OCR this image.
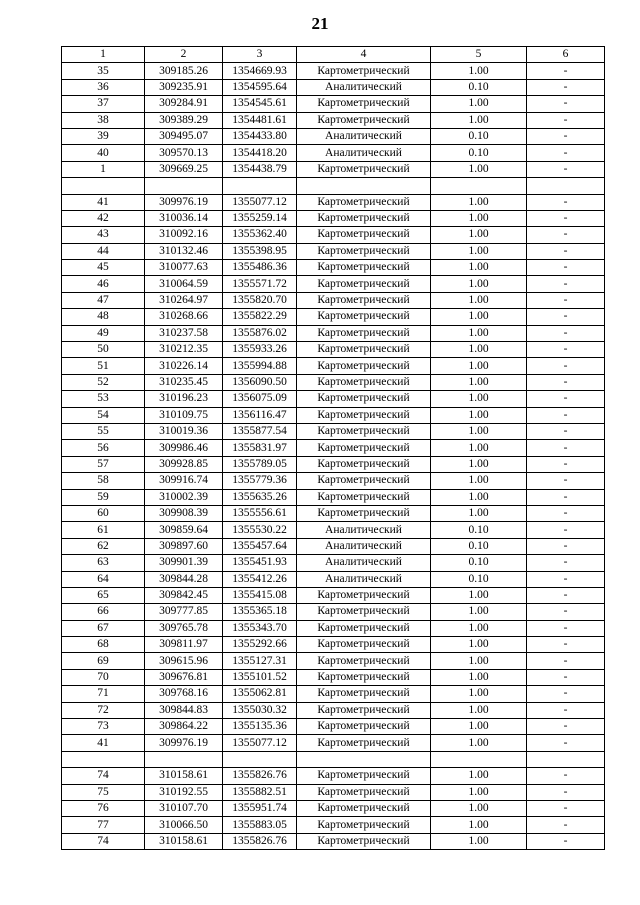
21
1	2	3	4	5	6
35	309185.26	1354669.93	Картометрический	1.00	-
36	309235.91	1354595.64	Аналитический	0.10	-
37	309284.91	1354545.61	Картометрический	1.00	-
38	309389.29	1354481.61	Картометрический	1.00	-
39	309495.07	1354433.80	Аналитический	0.10	-
40	309570.13	1354418.20	Аналитический	0.10	-
1	309669.25	1354438.79	Картометрический	1.00	-

41	309976.19	1355077.12	Картометрический	1.00	-
42	310036.14	1355259.14	Картометрический	1.00	-
43	310092.16	1355362.40	Картометрический	1.00	-
44	310132.46	1355398.95	Картометрический	1.00	-
45	310077.63	1355486.36	Картометрический	1.00	-
46	310064.59	1355571.72	Картометрический	1.00	-
47	310264.97	1355820.70	Картометрический	1.00	-
48	310268.66	1355822.29	Картометрический	1.00	-
49	310237.58	1355876.02	Картометрический	1.00	-
50	310212.35	1355933.26	Картометрический	1.00	-
51	310226.14	1355994.88	Картометрический	1.00	-
52	310235.45	1356090.50	Картометрический	1.00	-
53	310196.23	1356075.09	Картометрический	1.00	-
54	310109.75	1356116.47	Картометрический	1.00	-
55	310019.36	1355877.54	Картометрический	1.00	-
56	309986.46	1355831.97	Картометрический	1.00	-
57	309928.85	1355789.05	Картометрический	1.00	-
58	309916.74	1355779.36	Картометрический	1.00	-
59	310002.39	1355635.26	Картометрический	1.00	-
60	309908.39	1355556.61	Картометрический	1.00	-
61	309859.64	1355530.22	Аналитический	0.10	-
62	309897.60	1355457.64	Аналитический	0.10	-
63	309901.39	1355451.93	Аналитический	0.10	-
64	309844.28	1355412.26	Аналитический	0.10	-
65	309842.45	1355415.08	Картометрический	1.00	-
66	309777.85	1355365.18	Картометрический	1.00	-
67	309765.78	1355343.70	Картометрический	1.00	-
68	309811.97	1355292.66	Картометрический	1.00	-
69	309615.96	1355127.31	Картометрический	1.00	-
70	309676.81	1355101.52	Картометрический	1.00	-
71	309768.16	1355062.81	Картометрический	1.00	-
72	309844.83	1355030.32	Картометрический	1.00	-
73	309864.22	1355135.36	Картометрический	1.00	-
41	309976.19	1355077.12	Картометрический	1.00	-

74	310158.61	1355826.76	Картометрический	1.00	-
75	310192.55	1355882.51	Картометрический	1.00	-
76	310107.70	1355951.74	Картометрический	1.00	-
77	310066.50	1355883.05	Картометрический	1.00	-
74	310158.61	1355826.76	Картометрический	1.00	-
